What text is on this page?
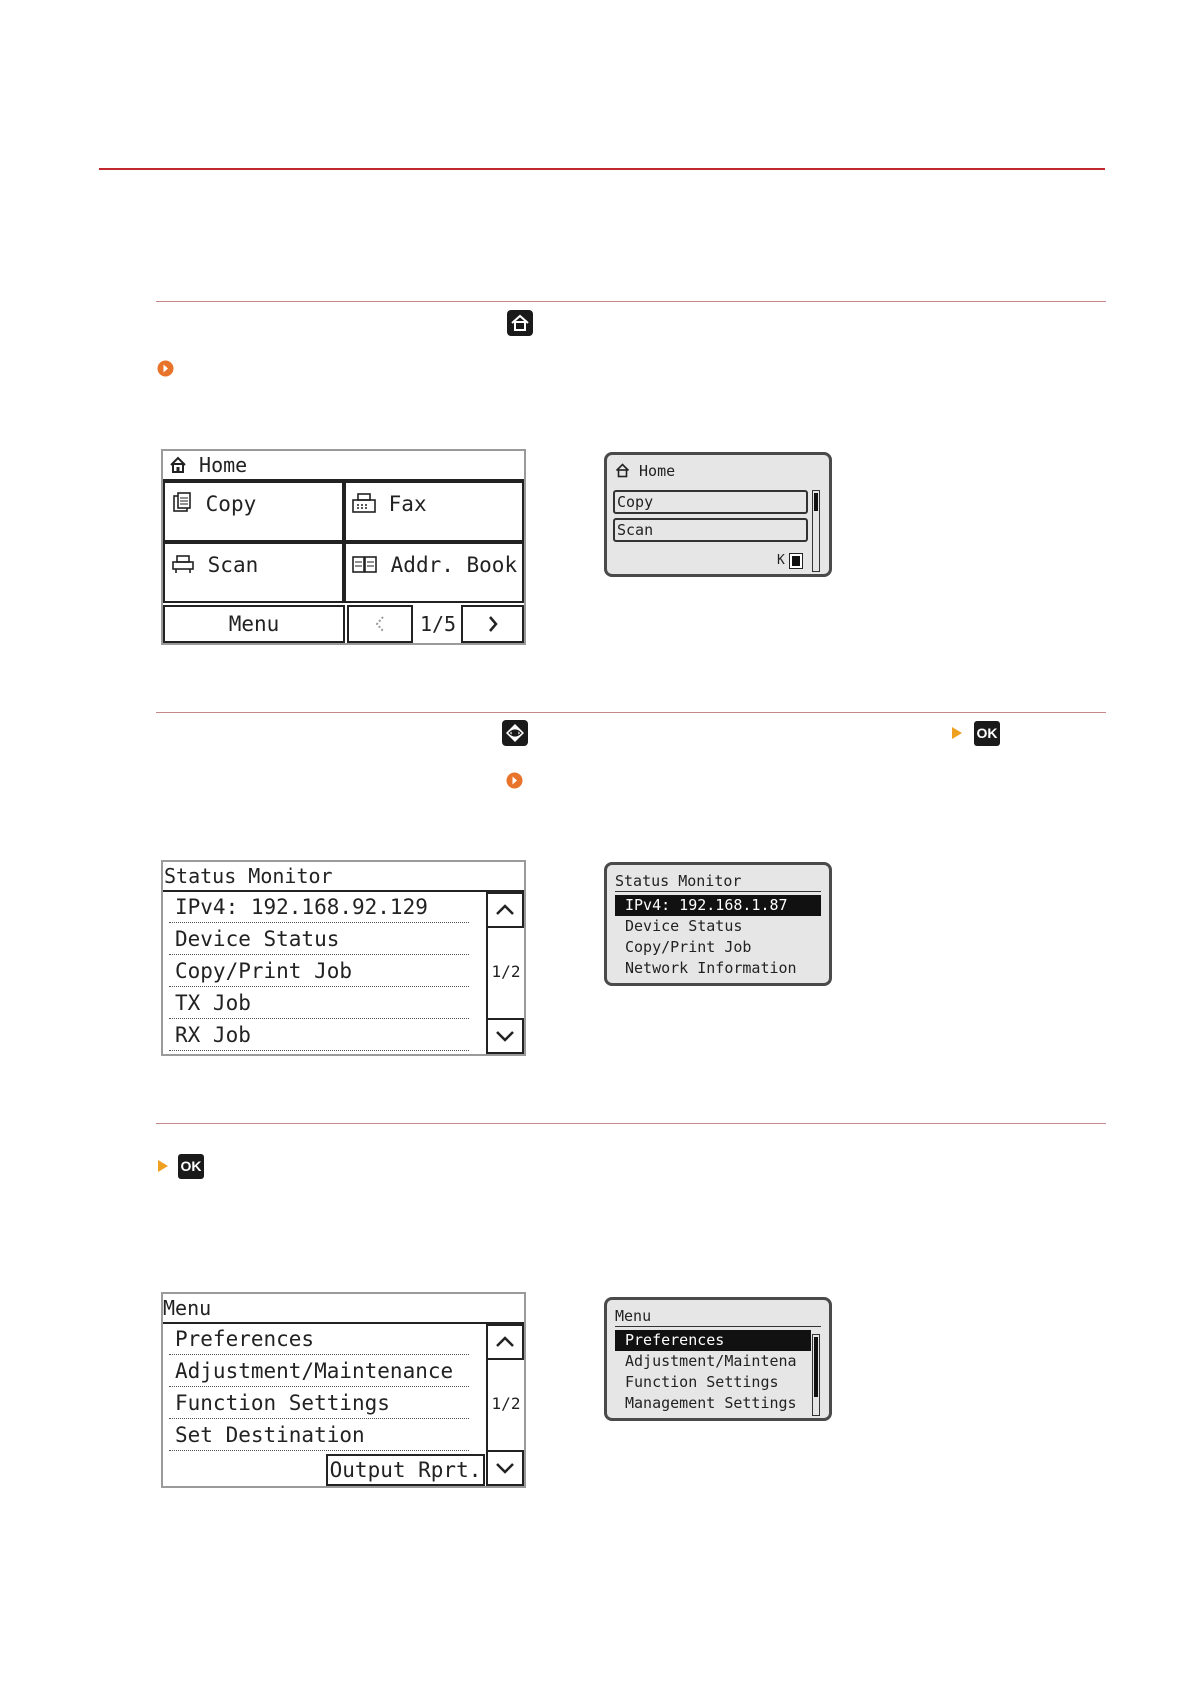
Home
Copy	Fax
Scan	Addr. Book
Menu	1/5
Home
Copy
Scan
K
OK
Status Monitor
IPv4: 192.168.92.129
Device Status
Copy/Print Job
TX Job
RX Job
1/2
Status Monitor
IPv4: 192.168.1.87
Device Status
Copy/Print Job
Network Information
OK
Menu
Preferences
Adjustment/Maintenance
Function Settings
Set Destination
Output Rprt.
1/2
Menu
Preferences
Adjustment/Maintena
Function Settings
Management Settings
